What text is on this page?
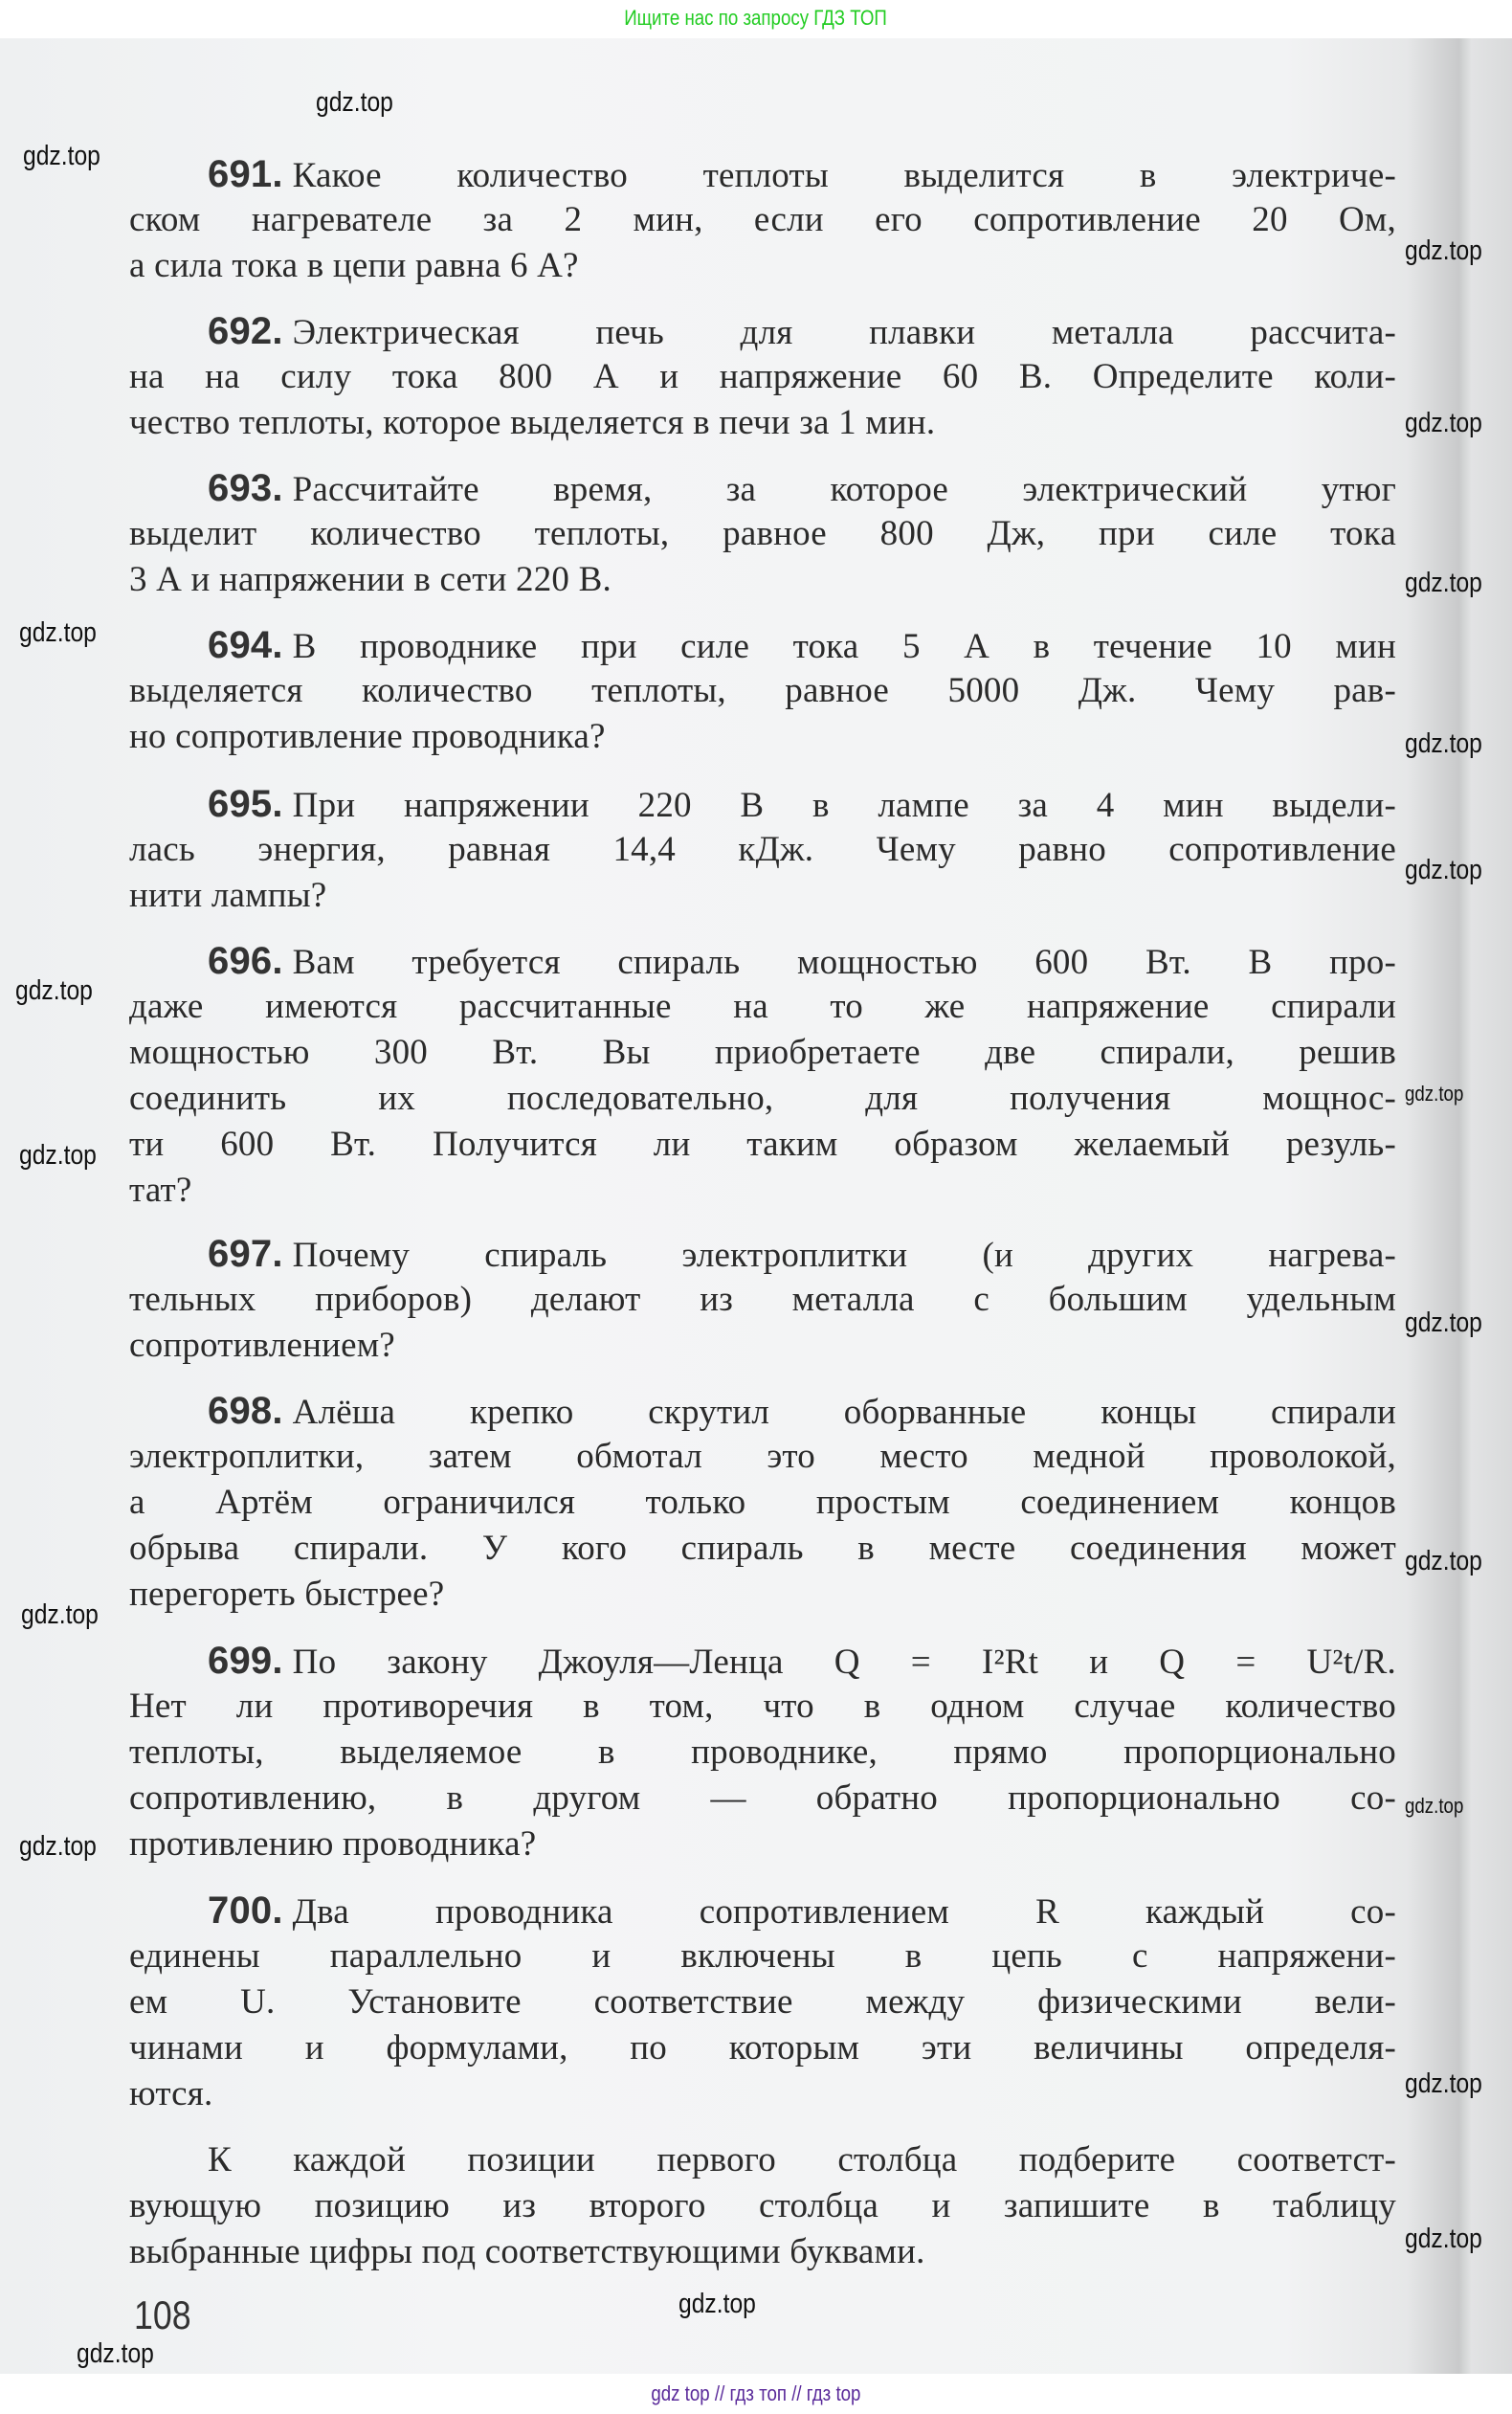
Ищите нас по запросу ГДЗ ТОП
691. Какое количество теплоты выделится в электриче-
ском нагревателе за 2 мин, если его сопротивление 20 Ом,
а сила тока в цепи равна 6 А?
692. Электрическая печь для плавки металла рассчита-
на на силу тока 800 А и напряжение 60 В. Определите коли-
чество теплоты, которое выделяется в печи за 1 мин.
693. Рассчитайте время, за которое электрический утюг
выделит количество теплоты, равное 800 Дж, при силе тока
3 А и напряжении в сети 220 В.
694. В проводнике при силе тока 5 А в течение 10 мин
выделяется количество теплоты, равное 5000 Дж. Чему рав-
но сопротивление проводника?
695. При напряжении 220 В в лампе за 4 мин выдели-
лась энергия, равная 14,4 кДж. Чему равно сопротивление
нити лампы?
696. Вам требуется спираль мощностью 600 Вт. В про-
даже имеются рассчитанные на то же напряжение спирали
мощностью 300 Вт. Вы приобретаете две спирали, решив
соединить их последовательно, для получения мощнос-
ти 600 Вт. Получится ли таким образом желаемый резуль-
тат?
697. Почему спираль электроплитки (и других нагрева-
тельных приборов) делают из металла с большим удельным
сопротивлением?
698. Алёша крепко скрутил оборванные концы спирали
электроплитки, затем обмотал это место медной проволокой,
а Артём ограничился только простым соединением концов
обрыва спирали. У кого спираль в месте соединения может
перегореть быстрее?
699. По закону Джоуля—Ленца Q = I²Rt и Q = U²t/R.
Нет ли противоречия в том, что в одном случае количество
теплоты, выделяемое в проводнике, прямо пропорционально
сопротивлению, в другом — обратно пропорционально со-
противлению проводника?
700. Два проводника сопротивлением R каждый со-
единены параллельно и включены в цепь с напряжени-
ем U. Установите соответствие между физическими вели-
чинами и формулами, по которым эти величины определя-
ются.
К каждой позиции первого столбца подберите соответст-
вующую позицию из второго столбца и запишите в таблицу
выбранные цифры под соответствующими буквами.
gdz.top
gdz.top
gdz.top
gdz.top
gdz.top
gdz.top
gdz.top
gdz.top
gdz.top
gdz.top
gdz.top
gdz.top
gdz.top
gdz.top
gdz.top
gdz.top
gdz.top
gdz.top
gdz.top
gdz.top
108
gdz top // гдз топ // гдз top
